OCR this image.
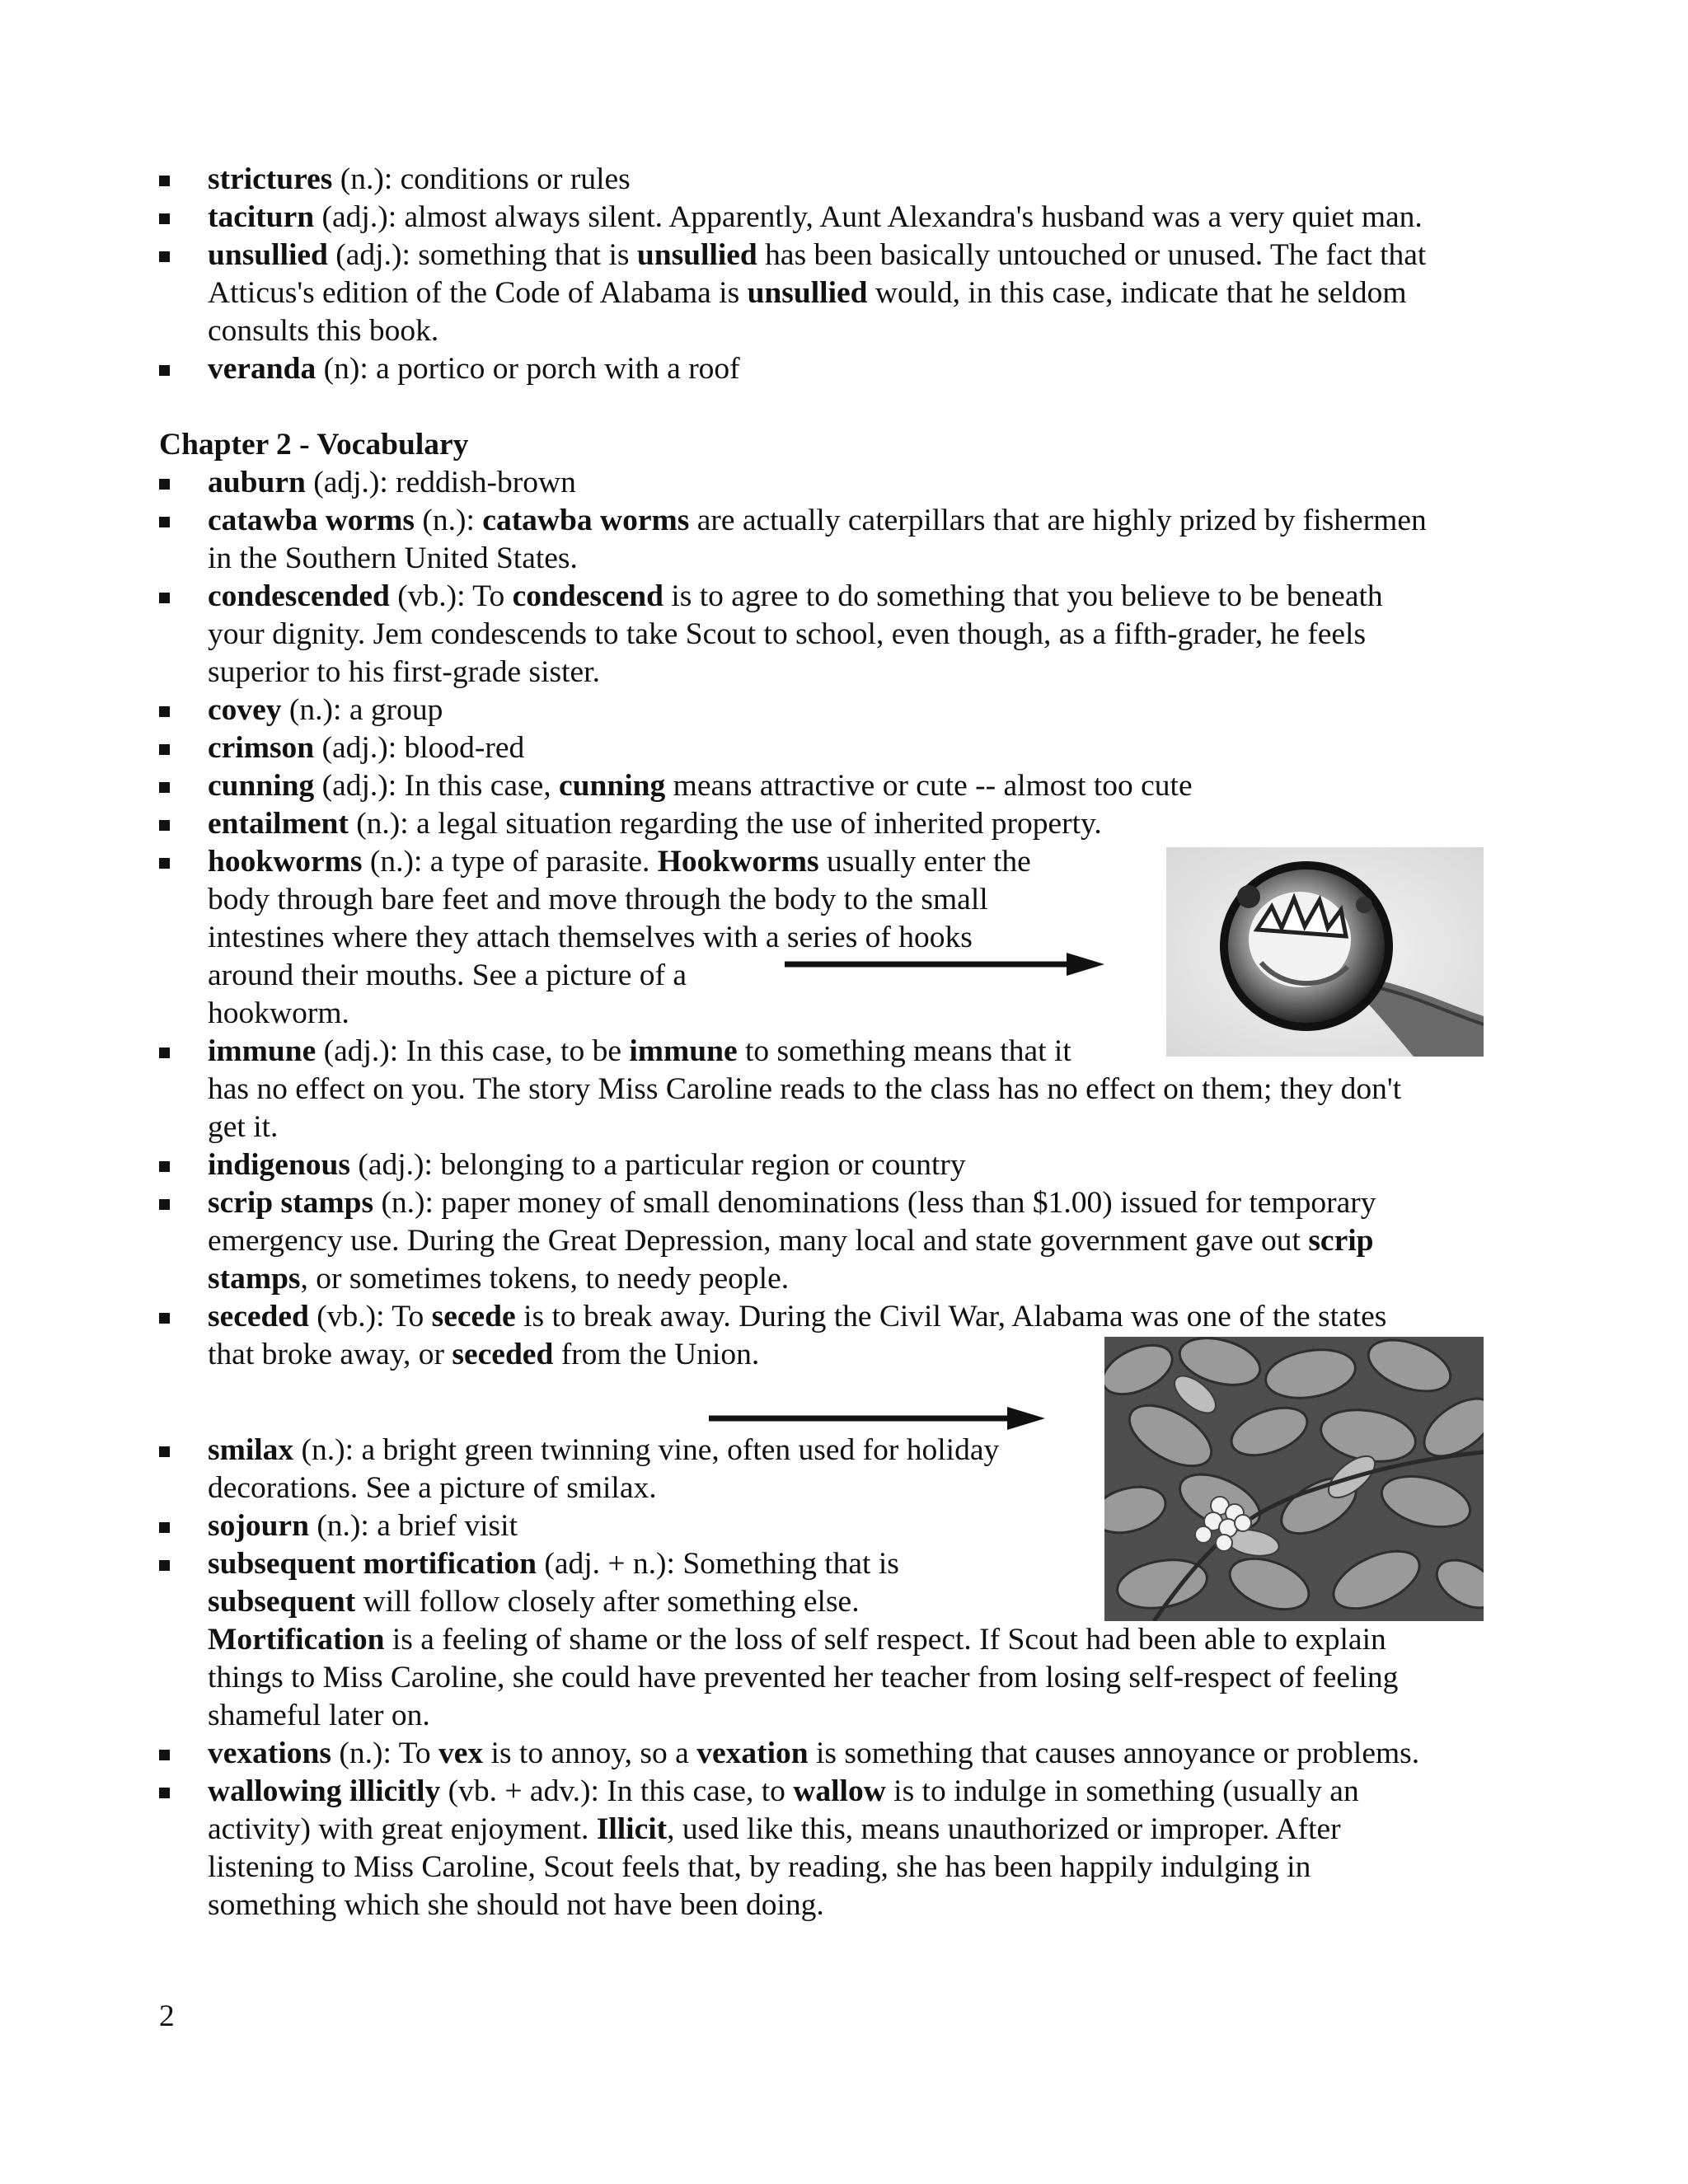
Chapter 2 - Vocabulary
2
strictures (n.): conditions or rules
taciturn (adj.): almost always silent. Apparently, Aunt Alexandra's husband was a very quiet man.
unsullied (adj.): something that is unsullied has been basically untouched or unused. The fact that
Atticus's edition of the Code of Alabama is unsullied would, in this case, indicate that he seldom
consults this book.
veranda (n): a portico or porch with a roof
auburn (adj.): reddish-brown
catawba worms (n.): catawba worms are actually caterpillars that are highly prized by fishermen
in the Southern United States.
condescended (vb.): To condescend is to agree to do something that you believe to be beneath
your dignity. Jem condescends to take Scout to school, even though, as a fifth-grader, he feels
superior to his first-grade sister.
covey (n.): a group
crimson (adj.): blood-red
cunning (adj.): In this case, cunning means attractive or cute -- almost too cute
entailment (n.): a legal situation regarding the use of inherited property.
hookworms (n.): a type of parasite. Hookworms usually enter the
body through bare feet and move through the body to the small
intestines where they attach themselves with a series of hooks
around their mouths. See a picture of a
hookworm.
immune (adj.): In this case, to be immune to something means that it
has no effect on you. The story Miss Caroline reads to the class has no effect on them; they don't
get it.
indigenous (adj.): belonging to a particular region or country
scrip stamps (n.): paper money of small denominations (less than $1.00) issued for temporary
emergency use. During the Great Depression, many local and state government gave out scrip
stamps, or sometimes tokens, to needy people.
seceded (vb.): To secede is to break away. During the Civil War, Alabama was one of the states
that broke away, or seceded from the Union.
smilax (n.): a bright green twinning vine, often used for holiday
decorations. See a picture of smilax.
sojourn (n.): a brief visit
subsequent mortification (adj. + n.): Something that is
subsequent will follow closely after something else.
Mortification is a feeling of shame or the loss of self respect. If Scout had been able to explain
things to Miss Caroline, she could have prevented her teacher from losing self-respect of feeling
shameful later on.
vexations (n.): To vex is to annoy, so a vexation is something that causes annoyance or problems.
wallowing illicitly (vb. + adv.): In this case, to wallow is to indulge in something (usually an
activity) with great enjoyment. Illicit, used like this, means unauthorized or improper. After
listening to Miss Caroline, Scout feels that, by reading, she has been happily indulging in
something which she should not have been doing.
